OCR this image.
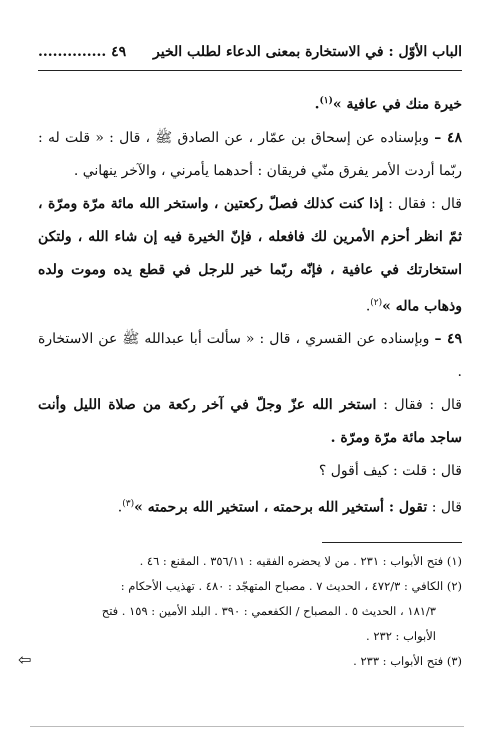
الباب الأوّل : في الاستخارة بمعنى الدعاء لطلب الخير
.............. ٤٩

خيرة منك في عافية »$^{(١)}$.

٤٨ – وبإسناده عن إسحاق بن عمّار ، عن الصادق ﷺ ، قال : « قلت له : ربّما أردت الأمر يفرق منّي فريقان : أحدهما يأمرني ، والآخر ينهاني .

قال : فقال : إذا كنت كذلك فصلّ ركعتين ، واستخر الله مائة مرّة ومرّة ، ثمّ انظر أحزم الأمرين لك فافعله ، فإنّ الخيرة فيه إن شاء الله ، ولتكن استخارتك في عافية ، فإنّه ربّما خير للرجل في قطع يده وموت ولده وذهاب ماله »$^{(٢)}$.

٤٩ – وبإسناده عن القسري ، قال : « سألت أبا عبدالله ﷺ عن الاستخارة .

قال : فقال : استخر الله عزّ وجلّ في آخر ركعة من صلاة الليل وأنت ساجد مائة مرّة ومرّة .

قال : قلت : كيف أقول ؟

قال : تقول : أستخير الله برحمته ، استخير الله برحمته »$^{(٣)}$.

(١) فتح الأبواب : ٢٣١ . من لا يحضره الفقيه : ٣٥٦/١١ . المقنع : ٤٦ .
(٢) الكافي : ٤٧٢/٣ ، الحديث ٧ . مصباح المتهجّد : ٤٨٠ . تهذيب الأحكام :
١٨١/٣ ، الحديث ٥ . المصباح / الكفعمي : ٣٩٠ . البلد الأمين : ١٥٩ . فتح
الأبواب : ٢٣٢ .
(٣) فتح الأبواب : ٢٣٣ .
⇦
